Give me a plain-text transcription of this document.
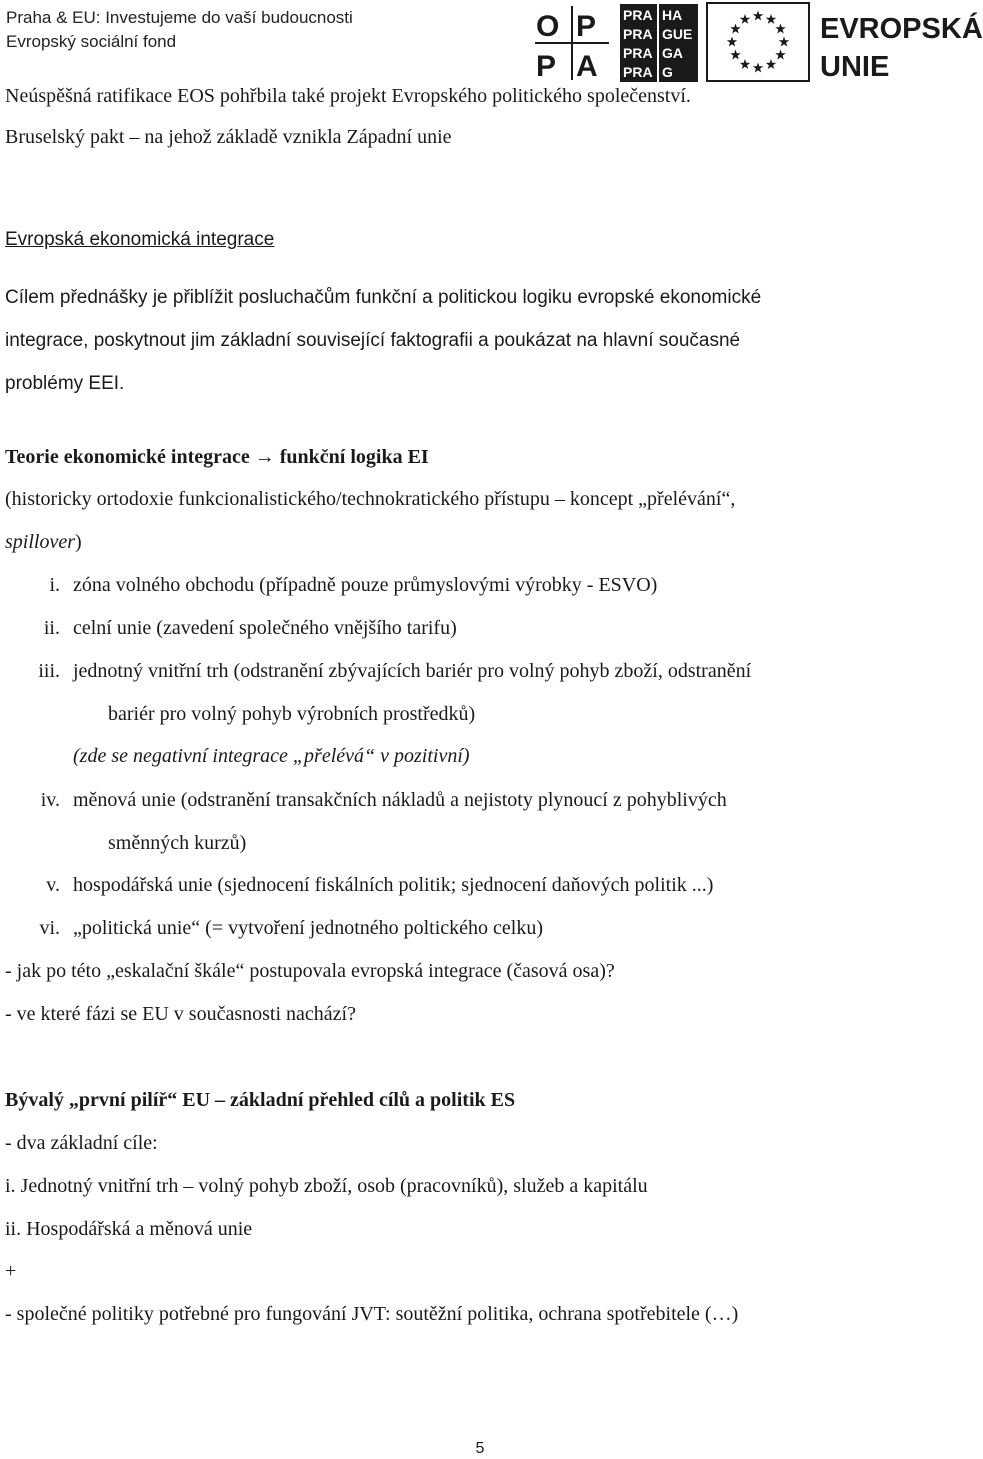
Praha & EU: Investujeme do vaší budoucnosti
Evropský sociální fond	O P
P A
PRA HA
PRA GUE
PRA GA
PRA G
EVROPSKÁ
UNIE
Neúspěšná ratifikace EOS pohřbila také projekt Evropského politického společenství.
Bruselský pakt – na jehož základě vznikla Západní unie
Evropská ekonomická integrace
Cílem přednášky je přiblížit posluchačům funkční a politickou logiku evropské ekonomické
integrace, poskytnout jim základní související faktografii a poukázat na hlavní současné
problémy EEI.
Teorie ekonomické integrace → funkční logika EI
(historicky ortodoxie funkcionalistického/technokratického přístupu – koncept „přelévání“,
spillover)
i. zóna volného obchodu (případně pouze průmyslovými výrobky - ESVO)
ii. celní unie (zavedení společného vnějšího tarifu)
iii. jednotný vnitřní trh (odstranění zbývajících bariér pro volný pohyb zboží, odstranění
bariér pro volný pohyb výrobních prostředků)
(zde se negativní integrace „přelévá“ v pozitivní)
iv. měnová unie (odstranění transakčních nákladů a nejistoty plynoucí z pohyblivých
směnných kurzů)
v. hospodářská unie (sjednocení fiskálních politik; sjednocení daňových politik ...)
vi. „politická unie“ (= vytvoření jednotného poltického celku)
- jak po této „eskalační škále“ postupovala evropská integrace (časová osa)?
- ve které fázi se EU v současnosti nachází?
Bývalý „první pilíř“ EU – základní přehled cílů a politik ES
- dva základní cíle:
i. Jednotný vnitřní trh – volný pohyb zboží, osob (pracovníků), služeb a kapitálu
ii. Hospodářská a měnová unie
+
- společné politiky potřebné pro fungování JVT: soutěžní politika, ochrana spotřebitele (…)
5
